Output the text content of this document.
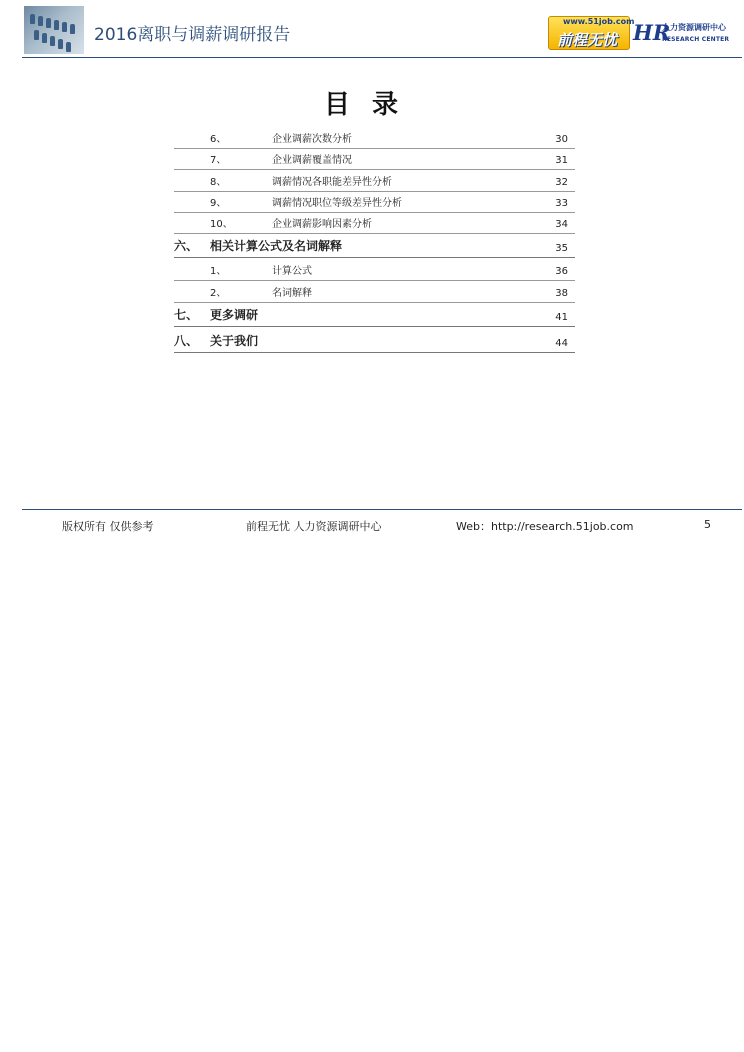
2016离职与调薪调研报告
www.51job.com
前程无忧 HR
人力资源调研中心
RESEARCH CENTER
目录
6、	企业调薪次数分析	30
7、	企业调薪覆盖情况	31
8、	调薪情况各职能差异性分析	32
9、	调薪情况职位等级差异性分析	33
10、	企业调薪影响因素分析	34
六、 相关计算公式及名词解释	35
1、	计算公式	36
2、	名词解释	38
七、 更多调研	41
八、 关于我们	44
版权所有 仅供参考	前程无忧 人力资源调研中心	Web：http://research.51job.com	5
